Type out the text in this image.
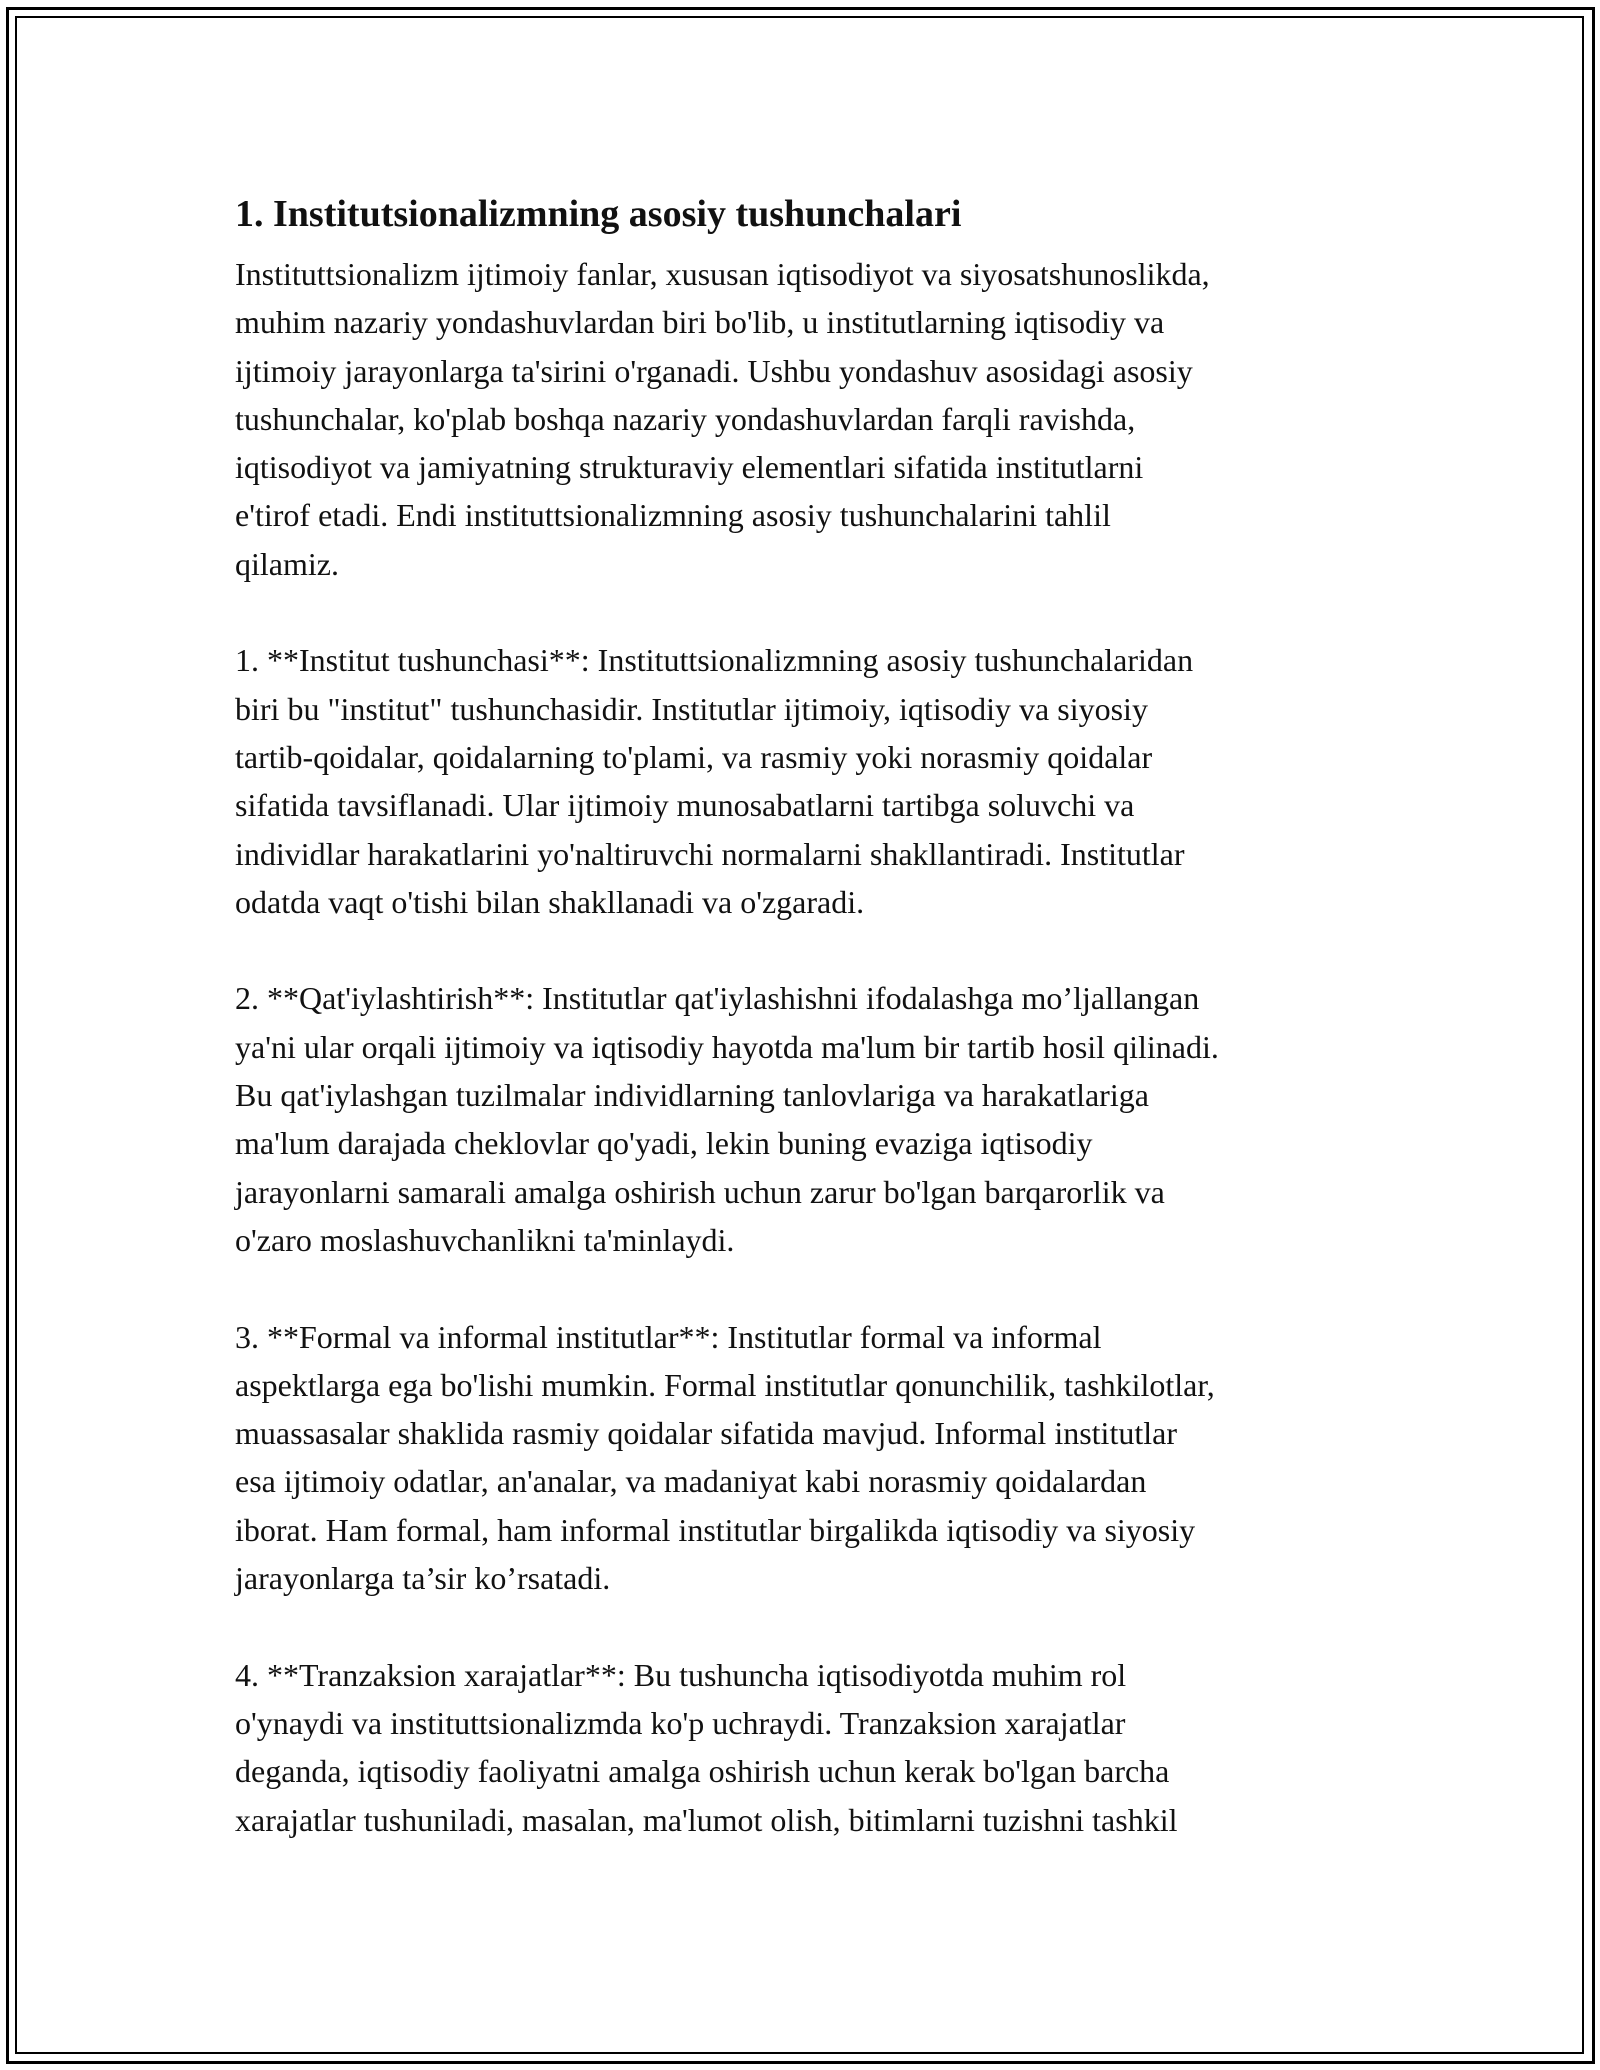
1. Institutsionalizmning asosiy tushunchalari

Instituttsionalizm ijtimoiy fanlar, xususan iqtisodiyot va siyosatshunoslikda,
muhim nazariy yondashuvlardan biri bo'lib, u institutlarning iqtisodiy va
ijtimoiy jarayonlarga ta'sirini o'rganadi. Ushbu yondashuv asosidagi asosiy
tushunchalar, ko'plab boshqa nazariy yondashuvlardan farqli ravishda,
iqtisodiyot va jamiyatning strukturaviy elementlari sifatida institutlarni
e'tirof etadi. Endi instituttsionalizmning asosiy tushunchalarini tahlil
qilamiz.

1. **Institut tushunchasi**: Instituttsionalizmning asosiy tushunchalaridan
biri bu "institut" tushunchasidir. Institutlar ijtimoiy, iqtisodiy va siyosiy
tartib-qoidalar, qoidalarning to'plami, va rasmiy yoki norasmiy qoidalar
sifatida tavsiflanadi. Ular ijtimoiy munosabatlarni tartibga soluvchi va
individlar harakatlarini yo'naltiruvchi normalarni shakllantiradi. Institutlar
odatda vaqt o'tishi bilan shakllanadi va o'zgaradi.

2. **Qat'iylashtirish**: Institutlar qat'iylashishni ifodalashga mo’ljallangan
ya'ni ular orqali ijtimoiy va iqtisodiy hayotda ma'lum bir tartib hosil qilinadi.
Bu qat'iylashgan tuzilmalar individlarning tanlovlariga va harakatlariga
ma'lum darajada cheklovlar qo'yadi, lekin buning evaziga iqtisodiy
jarayonlarni samarali amalga oshirish uchun zarur bo'lgan barqarorlik va
o'zaro moslashuvchanlikni ta'minlaydi.

3. **Formal va informal institutlar**: Institutlar formal va informal
aspektlarga ega bo'lishi mumkin. Formal institutlar qonunchilik, tashkilotlar,
muassasalar shaklida rasmiy qoidalar sifatida mavjud. Informal institutlar
esa ijtimoiy odatlar, an'analar, va madaniyat kabi norasmiy qoidalardan
iborat. Ham formal, ham informal institutlar birgalikda iqtisodiy va siyosiy
jarayonlarga ta’sir ko’rsatadi.

4. **Tranzaksion xarajatlar**: Bu tushuncha iqtisodiyotda muhim rol
o'ynaydi va instituttsionalizmda ko'p uchraydi. Tranzaksion xarajatlar
deganda, iqtisodiy faoliyatni amalga oshirish uchun kerak bo'lgan barcha
xarajatlar tushuniladi, masalan, ma'lumot olish, bitimlarni tuzishni tashkil
